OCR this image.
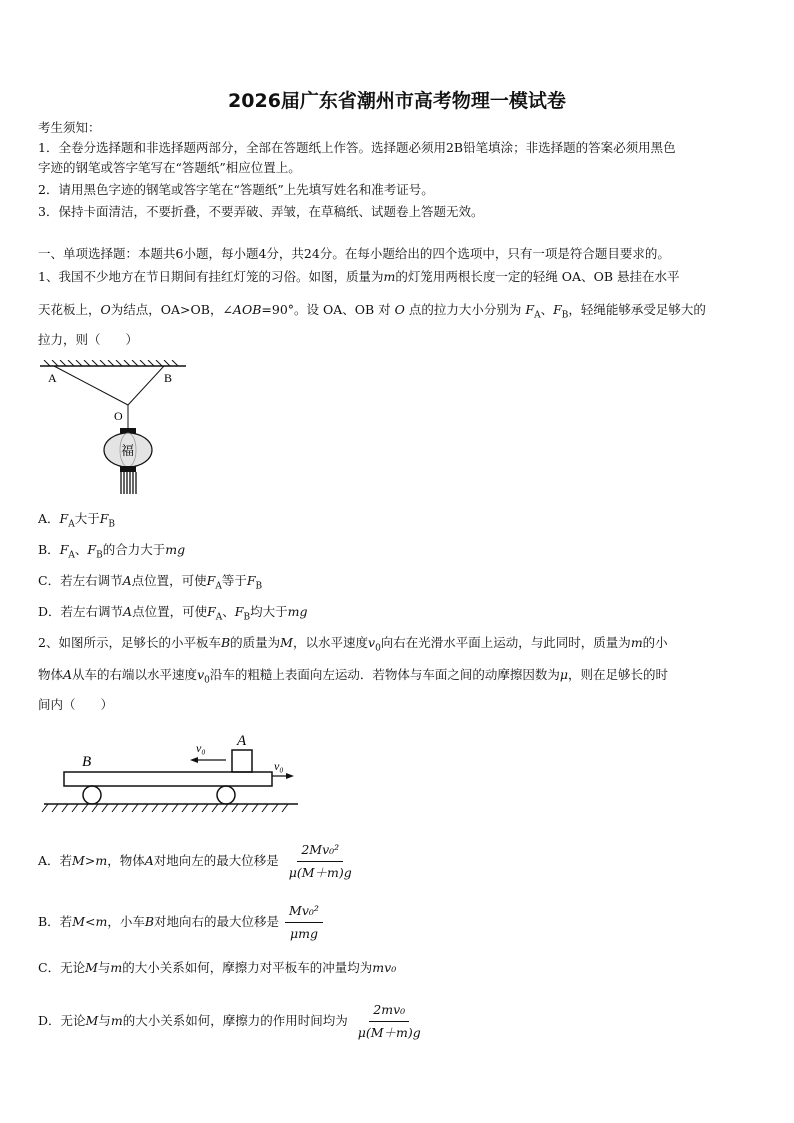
2026届广东省潮州市高考物理一模试卷
考生须知：
1．全卷分选择题和非选择题两部分，全部在答题纸上作答。选择题必须用2B铅笔填涂；非选择题的答案必须用黑色
字迹的钢笔或答字笔写在“答题纸”相应位置上。
2．请用黑色字迹的钢笔或答字笔在“答题纸”上先填写姓名和准考证号。
3．保持卡面清洁，不要折叠，不要弄破、弄皱，在草稿纸、试题卷上答题无效。
一、单项选择题：本题共6小题，每小题4分，共24分。在每小题给出的四个选项中，只有一项是符合题目要求的。
1、我国不少地方在节日期间有挂红灯笼的习俗。如图，质量为m的灯笼用两根长度一定的轻绳 OA、OB 悬挂在水平
天花板上，O为结点，OA>OB，∠AOB=90°。设 OA、OB 对 O 点的拉力大小分别为 $F_A$、$F_B$，轻绳能够承受足够大的
拉力，则（　　）
A	B
O
福
A．$F_A$大于$F_B$
B．$F_A$、$F_B$的合力大于mg
C．若左右调节A点位置，可使$F_A$等于$F_B$
D．若左右调节A点位置，可使$F_A$、$F_B$均大于mg
2、如图所示，足够长的小平板车B的质量为M，以水平速度$v_0$向右在光滑水平面上运动，与此同时，质量为m的小
物体A从车的右端以水平速度$v_0$沿车的粗糙上表面向左运动．若物体与车面之间的动摩擦因数为μ，则在足够长的时
间内（　　）
B
A
v₀
v₀
A．若M>m，物体A对地向左的最大位移是 $\frac{\text{2Mv₀²}}{\mu(M+m)g}$
B．若M<m，小车B对地向右的最大位移是 $\frac{\text{Mv₀²}}{\text{μmg}}$
C．无论M与m的大小关系如何，摩擦力对平板车的冲量均为mv₀
D．无论M与m的大小关系如何，摩擦力的作用时间均为 $\frac{\text{2mv₀}}{\mu(M+m)g}$
